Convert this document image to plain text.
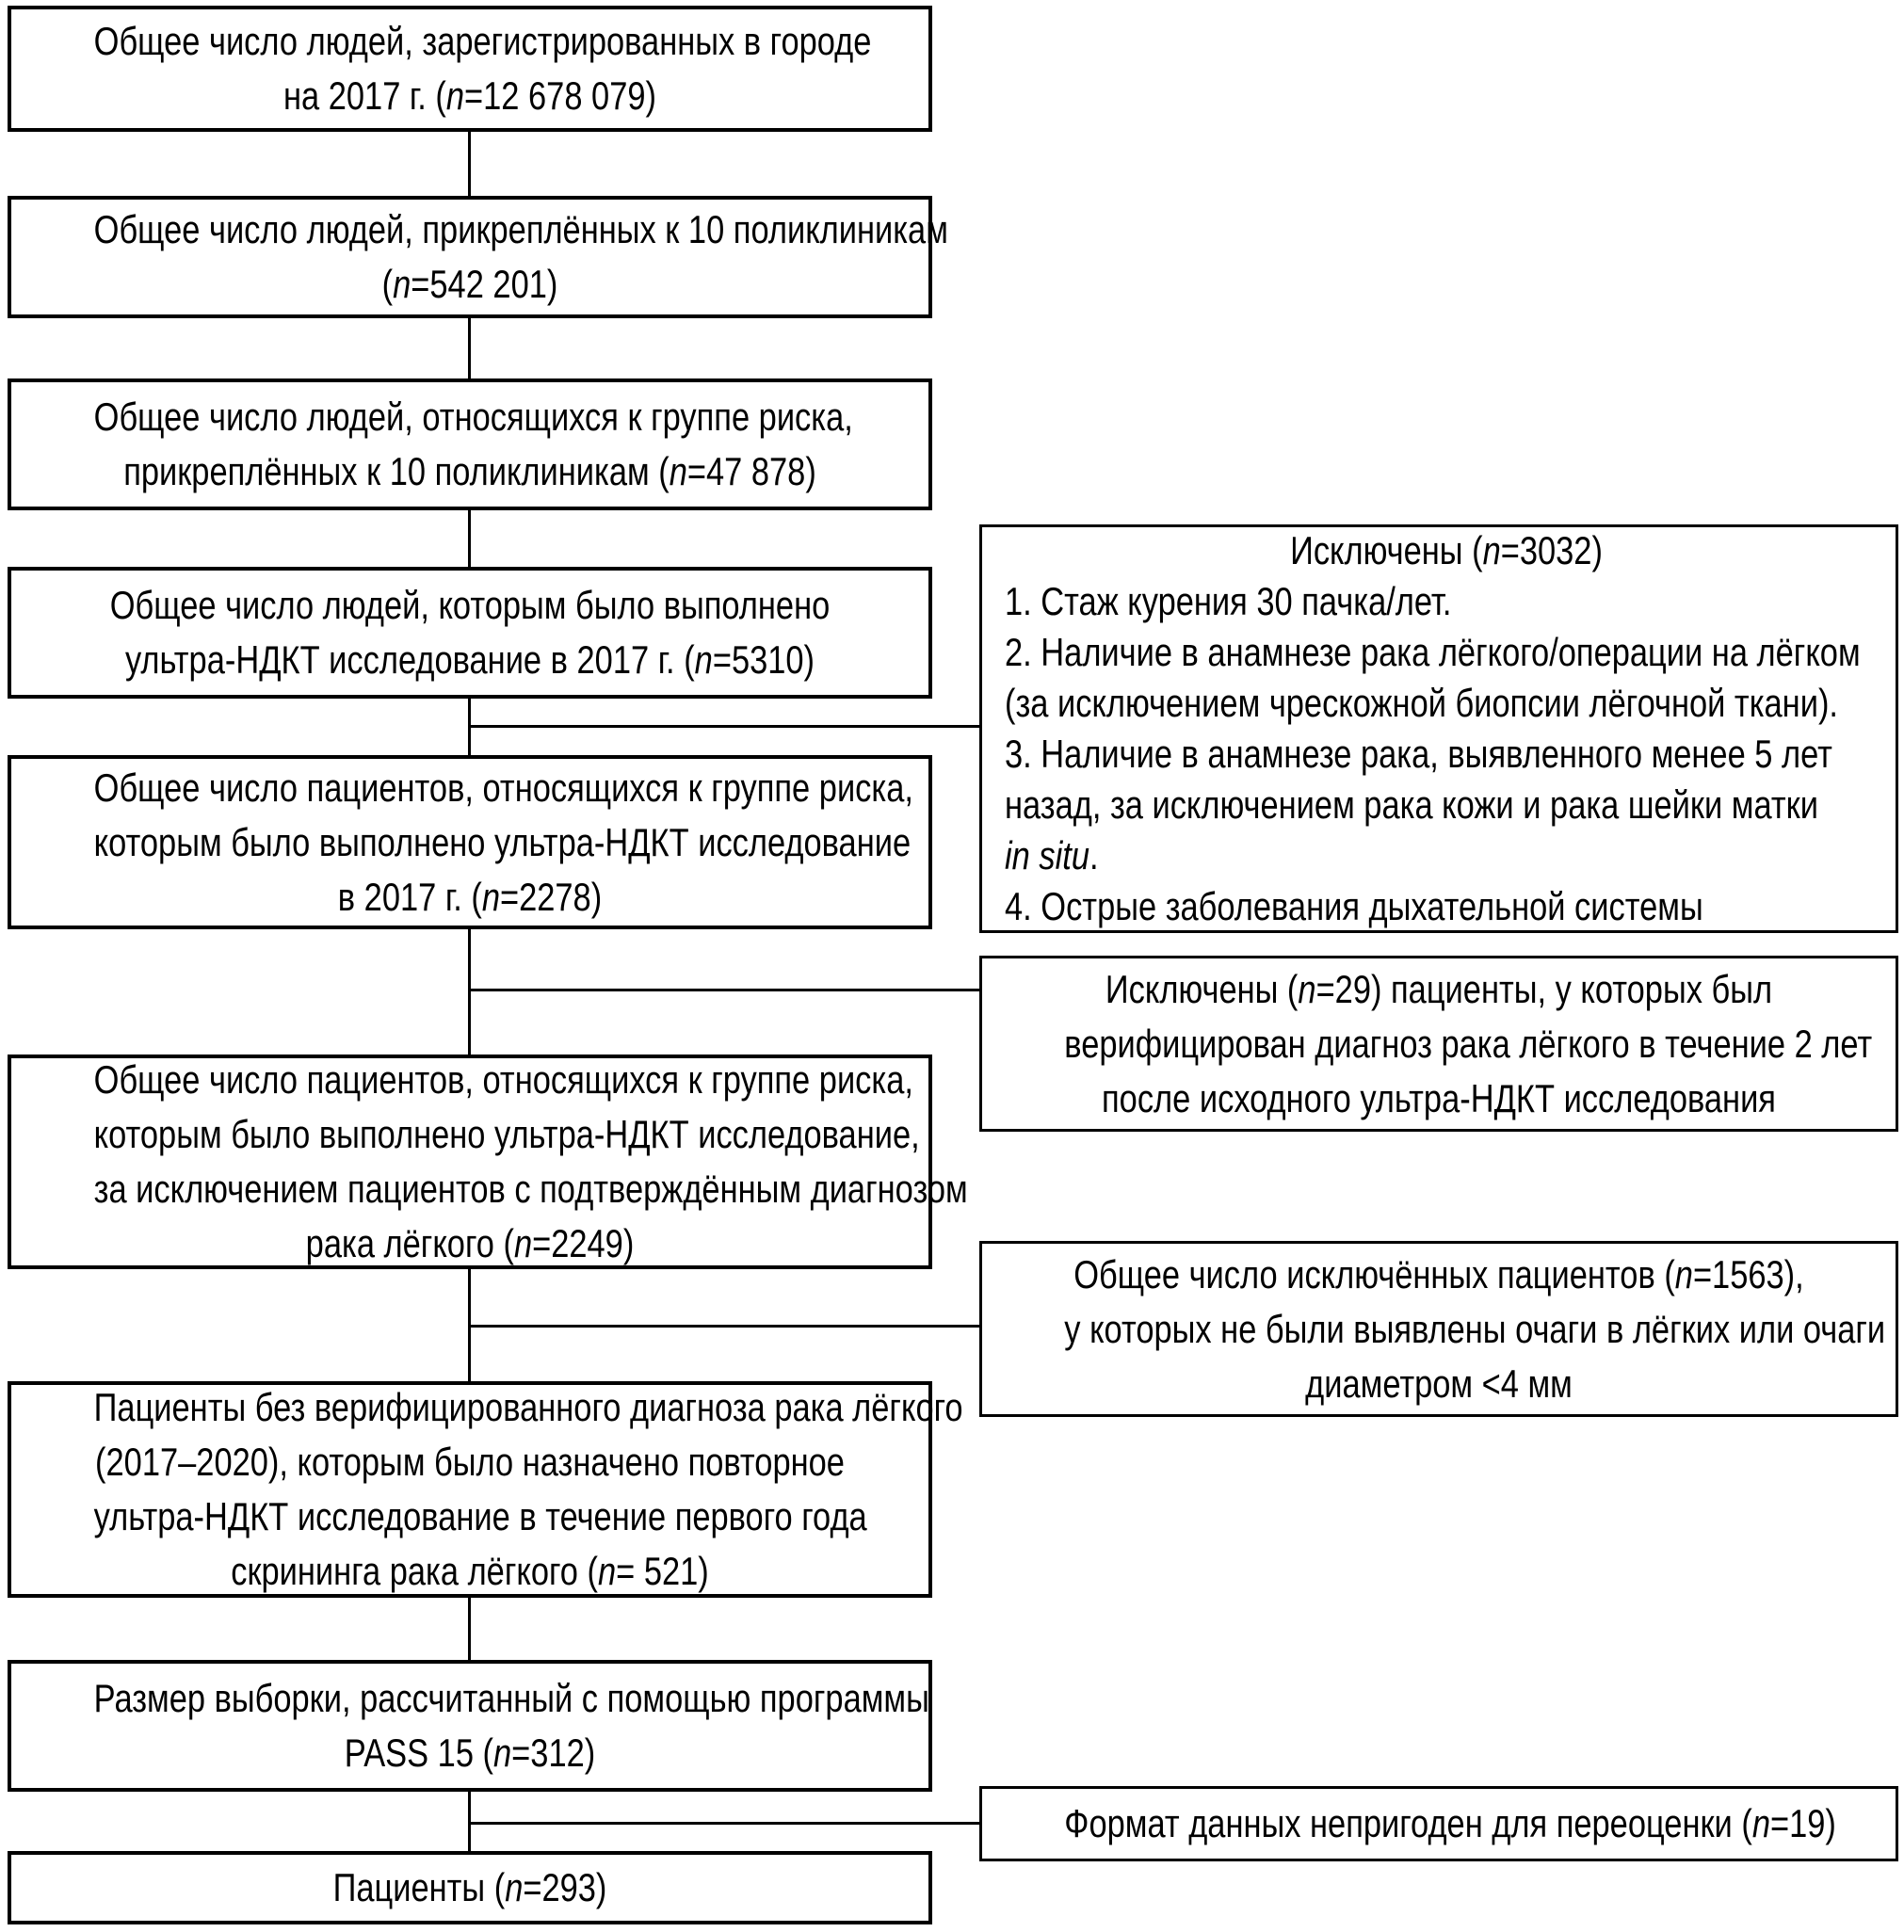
Общее число людей, зарегистрированных в городе
на 2017 г. (n=12 678 079)
Общее число людей, прикреплённых к 10 поликлиникам
(n=542 201)
Общее число людей, относящихся к группе риска,
прикреплённых к 10 поликлиникам (n=47 878)
Общее число людей, которым было выполнено
ультра-НДКТ исследование в 2017 г. (n=5310)
Общее число пациентов, относящихся к группе риска,
которым было выполнено ультра-НДКТ исследование
в 2017 г. (n=2278)
Общее число пациентов, относящихся к группе риска,
которым было выполнено ультра-НДКТ исследование,
за исключением пациентов с подтверждённым диагнозом
рака лёгкого (n=2249)
Пациенты без верифицированного диагноза рака лёгкого
(2017–2020), которым было назначено повторное
ультра-НДКТ исследование в течение первого года
скрининга рака лёгкого (n= 521)
Размер выборки, рассчитанный с помощью программы
PASS 15 (n=312)
Пациенты (n=293)
Исключены (n=3032)
1. Стаж курения 30 пачка/лет.
2. Наличие в анамнезе рака лёгкого/операции на лёгком
(за исключением чрескожной биопсии лёгочной ткани).
3. Наличие в анамнезе рака, выявленного менее 5 лет
назад, за исключением рака кожи и рака шейки матки
in situ.
4. Острые заболевания дыхательной системы
Исключены (n=29) пациенты, у которых был
верифицирован диагноз рака лёгкого в течение 2 лет
после исходного ультра-НДКТ исследования
Общее число исключённых пациентов (n=1563),
у которых не были выявлены очаги в лёгких или очаги
диаметром <4 мм
Формат данных непригоден для переоценки (n=19)
